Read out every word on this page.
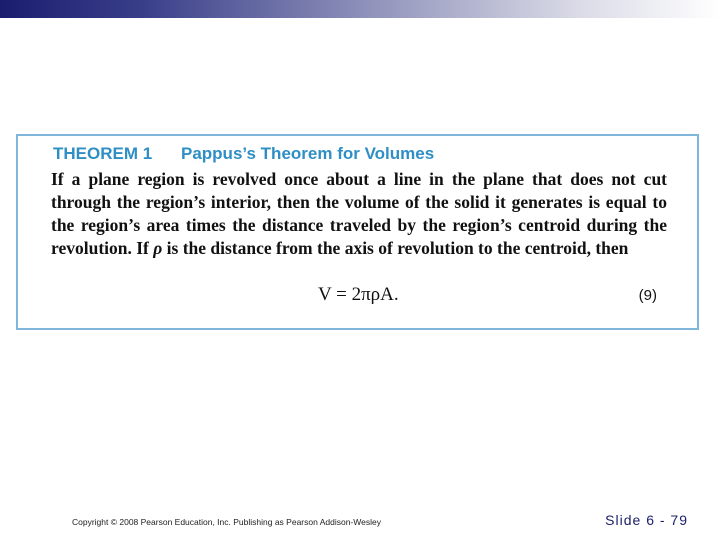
THEOREM 1 Pappus’s Theorem for Volumes
If a plane region is revolved once about a line in the plane that does not cut through the region’s interior, then the volume of the solid it generates is equal to the region’s area times the distance traveled by the region’s centroid during the revolution. If ρ is the distance from the axis of revolution to the centroid, then
V = 2πρA.	(9)
Copyright © 2008 Pearson Education, Inc. Publishing as Pearson Addison-Wesley	Slide 6 - 79
